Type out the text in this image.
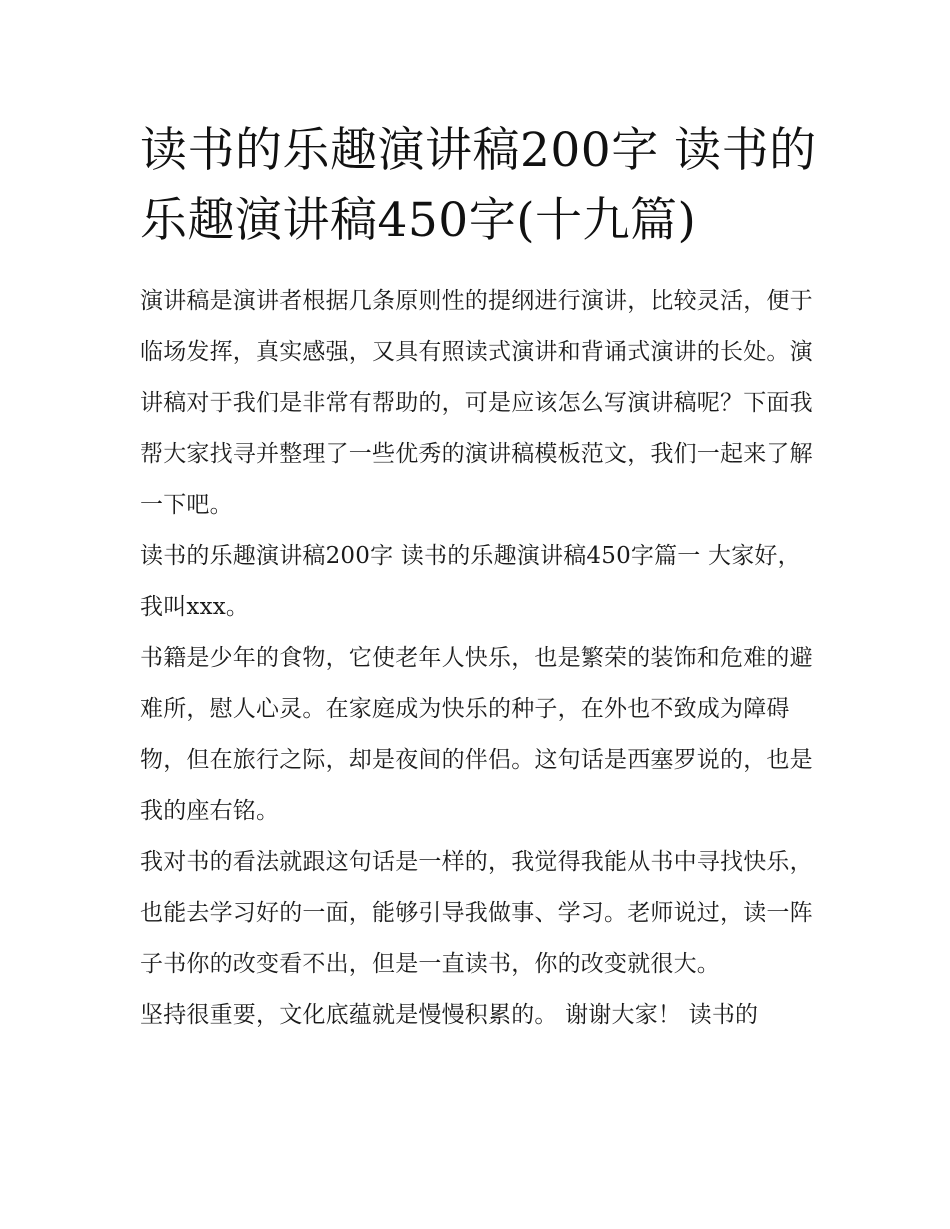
读书的乐趣演讲稿200字 读书的乐趣演讲稿450字(十九篇)

演讲稿是演讲者根据几条原则性的提纲进行演讲，比较灵活，便于临场发挥，真实感强，又具有照读式演讲和背诵式演讲的长处。演讲稿对于我们是非常有帮助的，可是应该怎么写演讲稿呢？下面我帮大家找寻并整理了一些优秀的演讲稿模板范文，我们一起来了解一下吧。

读书的乐趣演讲稿200字 读书的乐趣演讲稿450字篇一 大家好，我叫xxx。

书籍是少年的食物，它使老年人快乐，也是繁荣的装饰和危难的避难所，慰人心灵。在家庭成为快乐的种子，在外也不致成为障碍物，但在旅行之际，却是夜间的伴侣。这句话是西塞罗说的，也是我的座右铭。

我对书的看法就跟这句话是一样的，我觉得我能从书中寻找快乐，也能去学习好的一面，能够引导我做事、学习。老师说过，读一阵子书你的改变看不出，但是一直读书，你的改变就很大。

坚持很重要，文化底蕴就是慢慢积累的。 谢谢大家！ 读书的
